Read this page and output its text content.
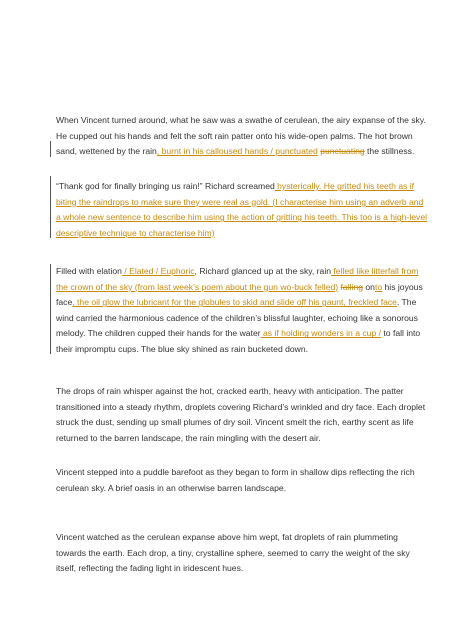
When Vincent turned around, what he saw was a swathe of cerulean, the airy expanse of the sky. He cupped out his hands and felt the soft rain patter onto his wide-open palms. The hot brown sand, wettened by the rain, burnt in his calloused hands / punctuated punctuating the stillness.

“Thank god for finally bringing us rain!” Richard screamed hysterically. He gritted his teeth as if biting the raindrops to make sure they were real as gold. (I characterise him using an adverb and a whole new sentence to describe him using the action of gritting his teeth. This too is a high-level descriptive technique to characterise him)

Filled with elation / Elated / Euphoric, Richard glanced up at the sky, rain felled like litterfall from the crown of the sky (from last week’s poem about the gun wo-buck felled) falling onto his joyous face, the oil glow the lubricant for the globules to skid and slide off his gaunt, freckled face. The wind carried the harmonious cadence of the children’s blissful laughter, echoing like a sonorous melody. The children cupped their hands for the water as if holding wonders in a cup / to fall into their impromptu cups. The blue sky shined as rain bucketed down.

The drops of rain whisper against the hot, cracked earth, heavy with anticipation. The patter transitioned into a steady rhythm, droplets covering Richard’s wrinkled and dry face. Each droplet struck the dust, sending up small plumes of dry soil. Vincent smelt the rich, earthy scent as life returned to the barren landscape, the rain mingling with the desert air.

Vincent stepped into a puddle barefoot as they began to form in shallow dips reflecting the rich cerulean sky. A brief oasis in an otherwise barren landscape.

Vincent watched as the cerulean expanse above him wept, fat droplets of rain plummeting towards the earth. Each drop, a tiny, crystalline sphere, seemed to carry the weight of the sky itself, reflecting the fading light in iridescent hues.
